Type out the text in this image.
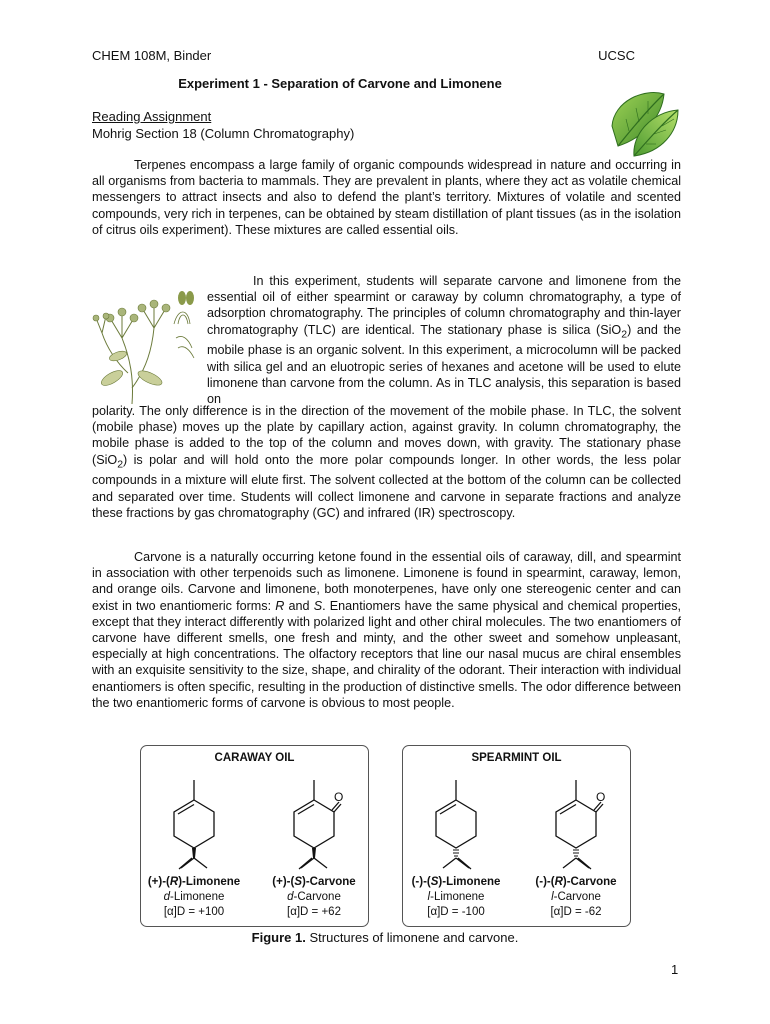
CHEM 108M, Binder	UCSC
Experiment 1 - Separation of Carvone and Limonene
Reading Assignment
Mohrig Section 18 (Column Chromatography)

Terpenes encompass a large family of organic compounds widespread in nature and occurring in all organisms from bacteria to mammals. They are prevalent in plants, where they act as volatile chemical messengers to attract insects and also to defend the plant’s territory. Mixtures of volatile and scented compounds, very rich in terpenes, can be obtained by steam distillation of plant tissues (as in the isolation of citrus oils experiment). These mixtures are called essential oils.

In this experiment, students will separate carvone and limonene from the essential oil of either spearmint or caraway by column chromatography, a type of adsorption chromatography. The principles of column chromatography and thin-layer chromatography (TLC) are identical. The stationary phase is silica (SiO$_2$) and the mobile phase is an organic solvent. In this experiment, a microcolumn will be packed with silica gel and an eluotropic series of hexanes and acetone will be used to elute limonene than carvone from the column. As in TLC analysis, this separation is based on

polarity. The only difference is in the direction of the movement of the mobile phase. In TLC, the solvent (mobile phase) moves up the plate by capillary action, against gravity. In column chromatography, the mobile phase is added to the top of the column and moves down, with gravity. The stationary phase (SiO$_2$) is polar and will hold onto the more polar compounds longer. In other words, the less polar compounds in a mixture will elute first. The solvent collected at the bottom of the column can be collected and separated over time. Students will collect limonene and carvone in separate fractions and analyze these fractions by gas chromatography (GC) and infrared (IR) spectroscopy.

Carvone is a naturally occurring ketone found in the essential oils of caraway, dill, and spearmint in association with other terpenoids such as limonene. Limonene is found in spearmint, caraway, lemon, and orange oils. Carvone and limonene, both monoterpenes, have only one stereogenic center and can exist in two enantiomeric forms: R and S. Enantiomers have the same physical and chemical properties, except that they interact differently with polarized light and other chiral molecules. The two enantiomers of carvone have different smells, one fresh and minty, and the other sweet and somehow unpleasant, especially at high concentrations. The olfactory receptors that line our nasal mucus are chiral ensembles with an exquisite sensitivity to the size, shape, and chirality of the odorant. Their interaction with individual enantiomers is often specific, resulting in the production of distinctive smells. The odor difference between the two enantiomeric forms of carvone is obvious to most people.

CARAWAY OIL
O
(+)-(R)-Limonene
d-Limonene
[α]D = +100
(+)-(S)-Carvone
d-Carvone
[α]D = +62
SPEARMINT OIL
O
(-)-(S)-Limonene
l-Limonene
[α]D = -100
(-)-(R)-Carvone
l-Carvone
[α]D = -62
Figure 1. Structures of limonene and carvone.
1
